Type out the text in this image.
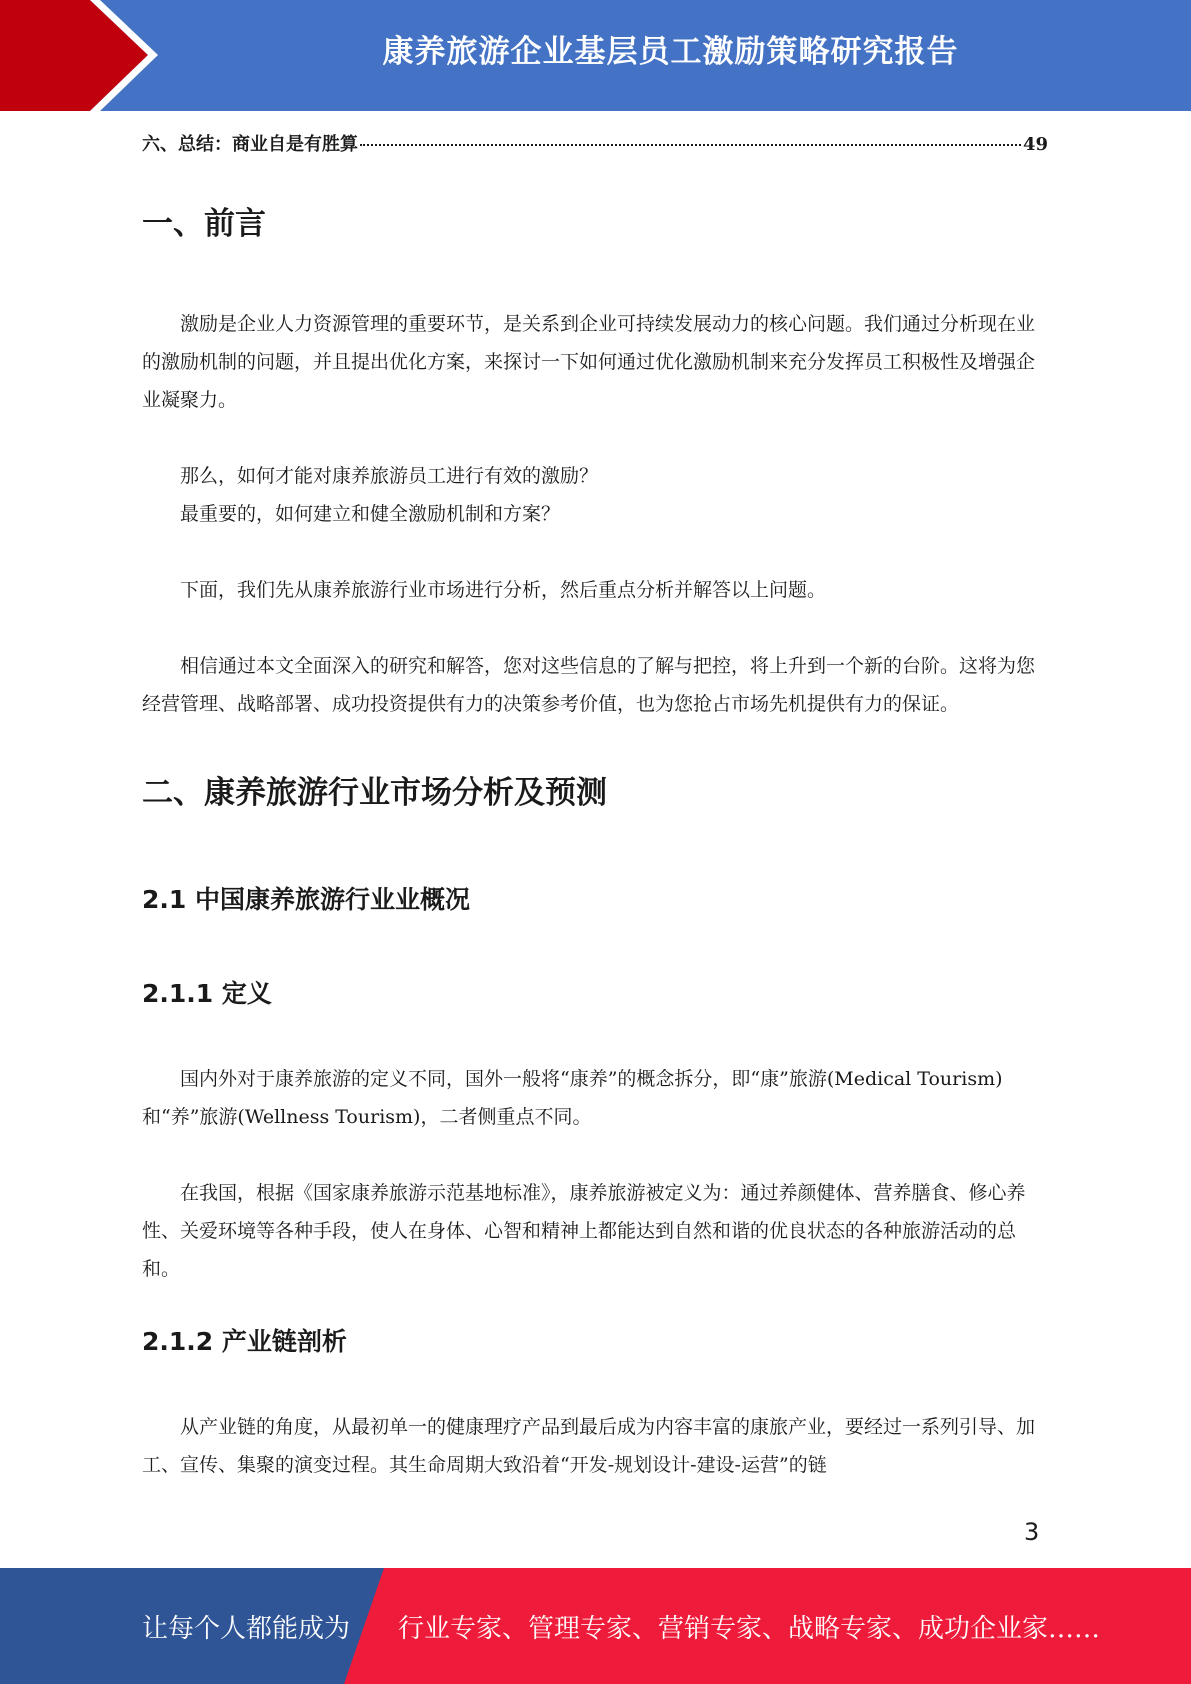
康养旅游企业基层员工激励策略研究报告
六、总结：商业自是有胜算	49
一、前言

激励是企业人力资源管理的重要环节，是关系到企业可持续发展动力的核心问题。我们通过分析现在业的激励机制的问题，并且提出优化方案，来探讨一下如何通过优化激励机制来充分发挥员工积极性及增强企业凝聚力。

那么，如何才能对康养旅游员工进行有效的激励？

最重要的，如何建立和健全激励机制和方案？

下面，我们先从康养旅游行业市场进行分析，然后重点分析并解答以上问题。

相信通过本文全面深入的研究和解答，您对这些信息的了解与把控，将上升到一个新的台阶。这将为您经营管理、战略部署、成功投资提供有力的决策参考价值，也为您抢占市场先机提供有力的保证。

二、康养旅游行业市场分析及预测
2.1 中国康养旅游行业业概况
2.1.1 定义

国内外对于康养旅游的定义不同，国外一般将“康养”的概念拆分，即“康”旅游(Medical Tourism)和“养”旅游(Wellness Tourism)，二者侧重点不同。

在我国，根据《国家康养旅游示范基地标准》，康养旅游被定义为：通过养颜健体、营养膳食、修心养性、关爱环境等各种手段，使人在身体、心智和精神上都能达到自然和谐的优良状态的各种旅游活动的总和。

2.1.2 产业链剖析

从产业链的角度，从最初单一的健康理疗产品到最后成为内容丰富的康旅产业，要经过一系列引导、加工、宣传、集聚的演变过程。其生命周期大致沿着“开发-规划设计-建设-运营”的链

3
让每个人都能成为 行业专家、管理专家、营销专家、战略专家、成功企业家……
